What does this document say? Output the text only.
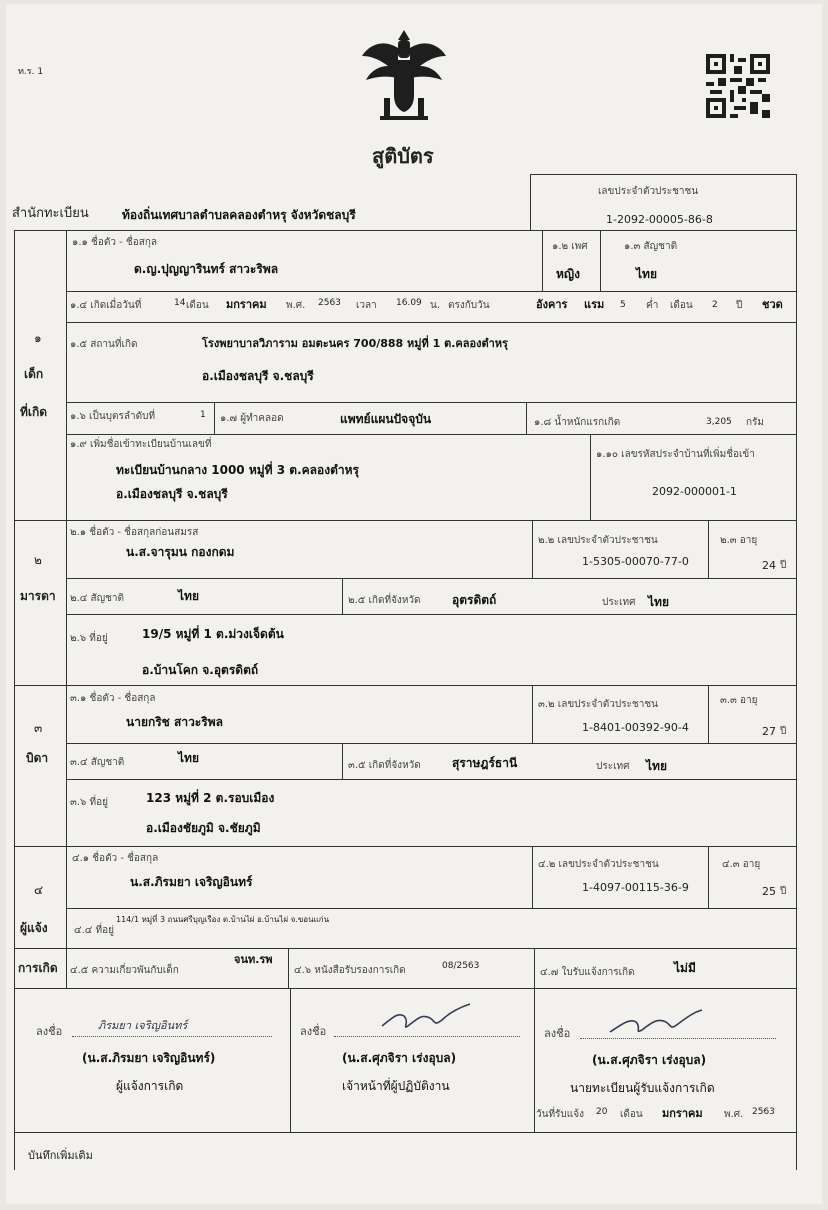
ท.ร. 1
สูติบัตร
สำนักทะเบียน	ท้องถิ่นเทศบาลตำบลคลองตำหรุ จังหวัดชลบุรี
เลขประจำตัวประชาชน
1-2092-00005-86-8
๑
เด็ก
ที่เกิด
๑.๑ ชื่อตัว - ชื่อสกุล
ด.ญ.ปุญญารินทร์ สาวะริพล
๑.๒ เพศ
หญิง
๑.๓ สัญชาติ
ไทย
๑.๔ เกิดเมื่อวันที่	14 เดือน มกราคม พ.ศ. 2563 เวลา 16.09 น. ตรงกับวัน	อังคาร แรม 5 ค่ำ เดือน 2 ปี ชวด
๑.๕ สถานที่เกิด	โรงพยาบาลวิภาราม อมตะนคร 700/888 หมู่ที่ 1 ต.คลองตำหรุ
อ.เมืองชลบุรี จ.ชลบุรี
๑.๖ เป็นบุตรลำดับที่	1 ๑.๗ ผู้ทำคลอด	แพทย์แผนปัจจุบัน	๑.๘ น้ำหนักแรกเกิด	3,205 กรัม
๑.๙ เพิ่มชื่อเข้าทะเบียนบ้านเลขที่
ทะเบียนบ้านกลาง 1000 หมู่ที่ 3 ต.คลองตำหรุ
อ.เมืองชลบุรี จ.ชลบุรี
๑.๑๐ เลขรหัสประจำบ้านที่เพิ่มชื่อเข้า
2092-000001-1
๒
มารดา
๒.๑ ชื่อตัว - ชื่อสกุลก่อนสมรส
น.ส.จารุมน กองกดม
๒.๒ เลขประจำตัวประชาชน
1-5305-00070-77-0
๒.๓ อายุ
24 ปี
๒.๔ สัญชาติ	ไทย	๒.๕ เกิดที่จังหวัด	อุตรดิตถ์	ประเทศ ไทย
๒.๖ ที่อยู่	19/5 หมู่ที่ 1 ต.ม่วงเจ็ดต้น
อ.บ้านโคก จ.อุตรดิตถ์
๓
บิดา
๓.๑ ชื่อตัว - ชื่อสกุล
นายกริช สาวะริพล
๓.๒ เลขประจำตัวประชาชน
1-8401-00392-90-4
๓.๓ อายุ
27 ปี
๓.๔ สัญชาติ	ไทย
๓.๕ เกิดที่จังหวัด	สุราษฎร์ธานี	ประเทศ ไทย
๓.๖ ที่อยู่	123 หมู่ที่ 2 ต.รอบเมือง
อ.เมืองชัยภูมิ จ.ชัยภูมิ
๔
ผู้แจ้ง
การเกิด
๔.๑ ชื่อตัว - ชื่อสกุล
น.ส.ภิรมยา เจริญอินทร์
๔.๒ เลขประจำตัวประชาชน
1-4097-00115-36-9
๔.๓ อายุ
25 ปี
๔.๔ ที่อยู่
114/1 หมู่ที่ 3 ถนนศรีบุญเรือง ต.บ้านไผ่ อ.บ้านไผ่ จ.ขอนแก่น
๔.๕ ความเกี่ยวพันกับเด็ก
จนท.รพ
๔.๖ หนังสือรับรองการเกิด	08/2563
๔.๗ ใบรับแจ้งการเกิด	ไม่มี
ลงชื่อ	ภิรมยา เจริญอินทร์
(น.ส.ภิรมยา เจริญอินทร์)
ผู้แจ้งการเกิด
ลงชื่อ
(น.ส.ศุภจิรา เร่งอุบล)
เจ้าหน้าที่ผู้ปฏิบัติงาน
ลงชื่อ
(น.ส.ศุภจิรา เร่งอุบล)
นายทะเบียนผู้รับแจ้งการเกิด
วันที่รับแจ้ง 20 เดือน มกราคม พ.ศ. 2563
บันทึกเพิ่มเติม
